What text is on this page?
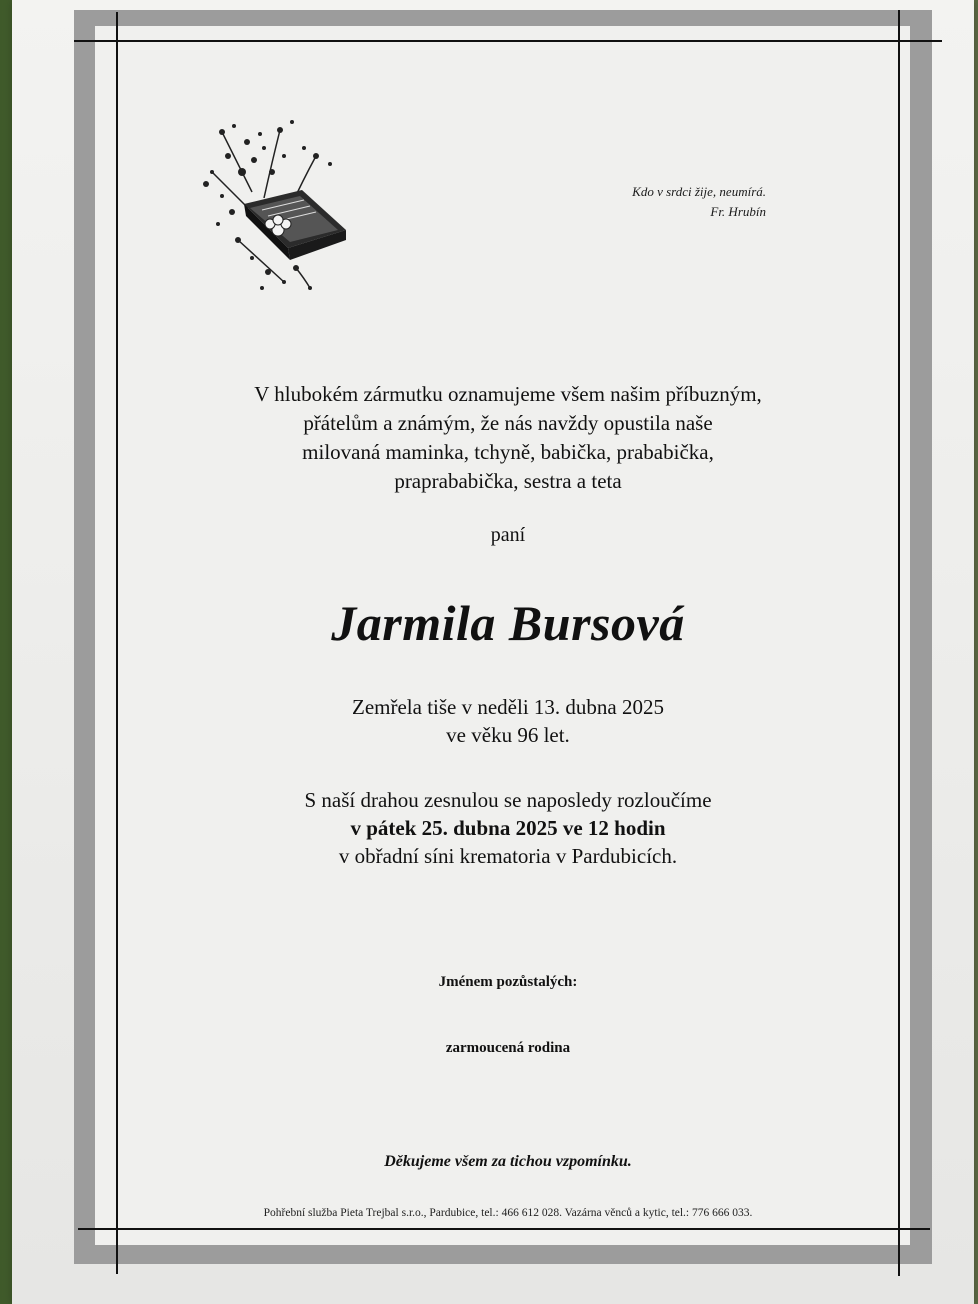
Kdo v srdci žije, neumírá.
Fr. Hrubín
V hlubokém zármutku oznamujeme všem našim příbuzným,
přátelům a známým, že nás navždy opustila naše
milovaná maminka, tchyně, babička, prababička,
praprababička, sestra a teta
paní
Jarmila Bursová
Zemřela tiše v neděli 13. dubna 2025
ve věku 96 let.
S naší drahou zesnulou se naposledy rozloučíme
v pátek 25. dubna 2025 ve 12 hodin
v obřadní síni krematoria v Pardubicích.
Jménem pozůstalých:
zarmoucená rodina
Děkujeme všem za tichou vzpomínku.
Pohřební služba Pieta Trejbal s.r.o., Pardubice, tel.: 466 612 028. Vazárna věnců a kytic, tel.: 776 666 033.
